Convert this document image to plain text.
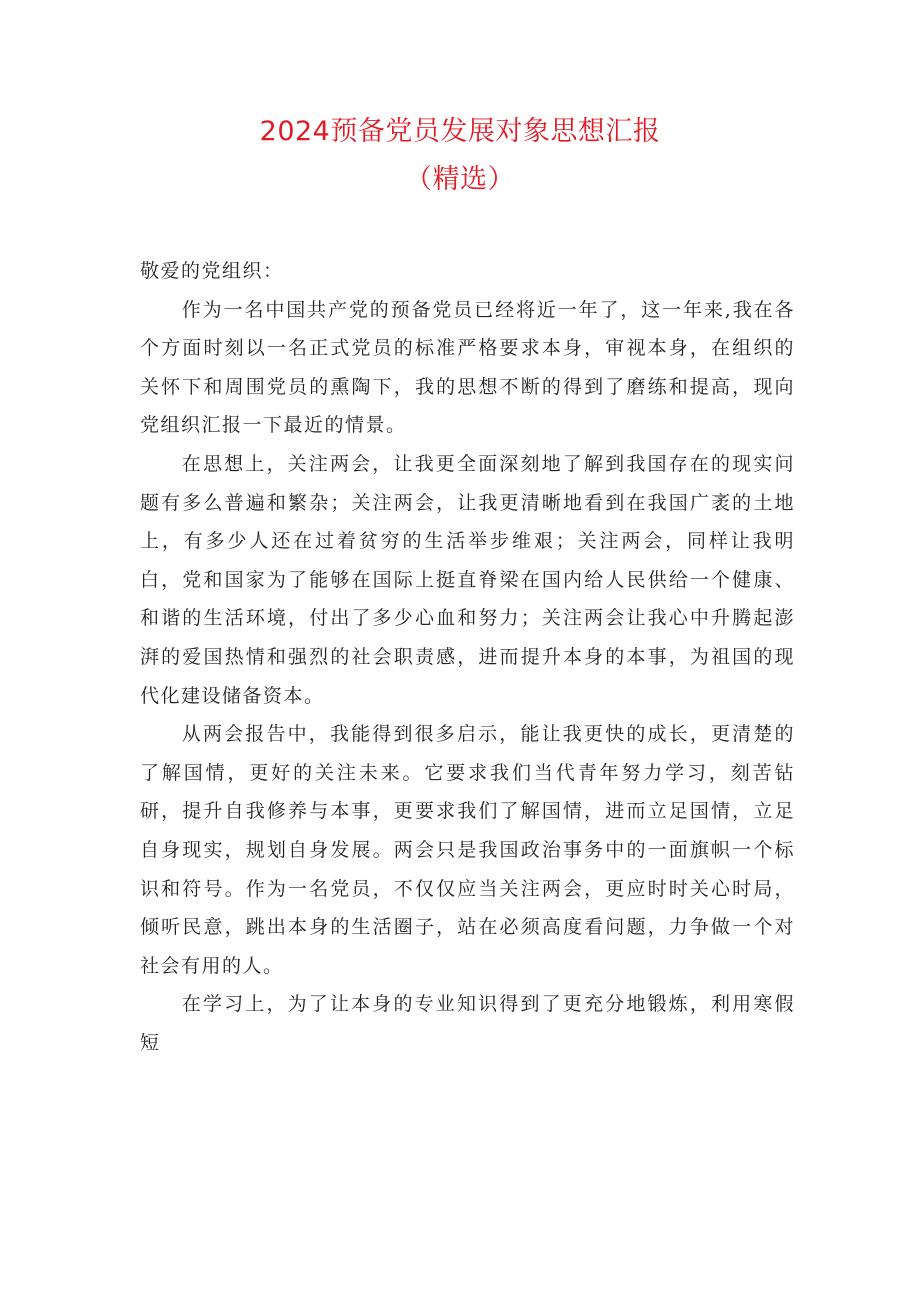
2024预备党员发展对象思想汇报
（精选）

敬爱的党组织：

作为一名中国共产党的预备党员已经将近一年了，这一年来,我在各个方面时刻以一名正式党员的标准严格要求本身，审视本身，在组织的关怀下和周围党员的熏陶下，我的思想不断的得到了磨练和提高，现向党组织汇报一下最近的情景。

在思想上，关注两会，让我更全面深刻地了解到我国存在的现实问题有多么普遍和繁杂；关注两会，让我更清晰地看到在我国广袤的土地上，有多少人还在过着贫穷的生活举步维艰；关注两会，同样让我明白，党和国家为了能够在国际上挺直脊梁在国内给人民供给一个健康、和谐的生活环境，付出了多少心血和努力；关注两会让我心中升腾起澎湃的爱国热情和强烈的社会职责感，进而提升本身的本事，为祖国的现代化建设储备资本。

从两会报告中，我能得到很多启示，能让我更快的成长，更清楚的了解国情，更好的关注未来。它要求我们当代青年努力学习，刻苦钻研，提升自我修养与本事，更要求我们了解国情，进而立足国情，立足自身现实，规划自身发展。两会只是我国政治事务中的一面旗帜一个标识和符号。作为一名党员，不仅仅应当关注两会，更应时时关心时局，倾听民意，跳出本身的生活圈子，站在必须高度看问题，力争做一个对社会有用的人。

在学习上，为了让本身的专业知识得到了更充分地锻炼，利用寒假短
